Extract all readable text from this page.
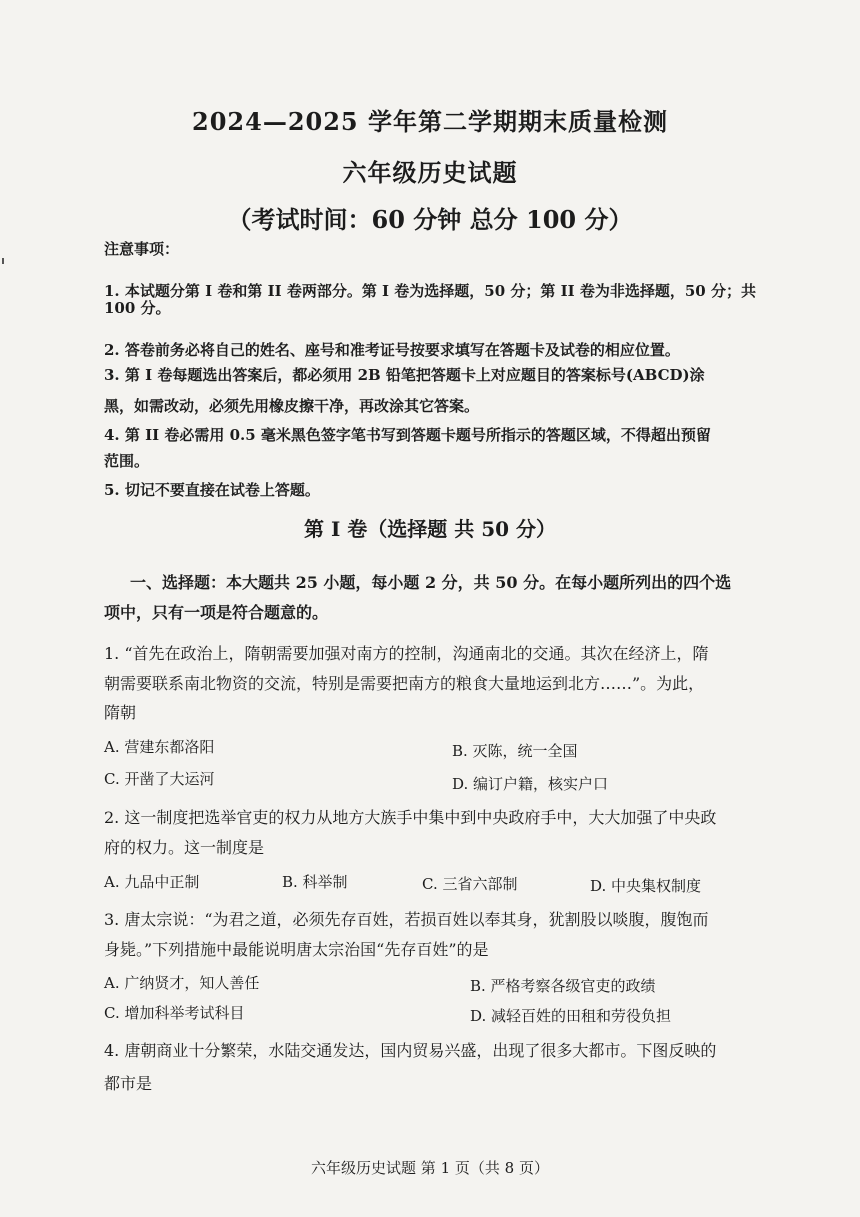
2024—2025 学年第二学期期末质量检测
六年级历史试题
（考试时间：60 分钟 总分 100 分）
注意事项：
1. 本试题分第 I 卷和第 II 卷两部分。第 I 卷为选择题，50 分；第 II 卷为非选择题，50 分；共
100 分。
2. 答卷前务必将自己的姓名、座号和准考证号按要求填写在答题卡及试卷的相应位置。
3. 第 I 卷每题选出答案后，都必须用 2B 铅笔把答题卡上对应题目的答案标号(ABCD)涂
黑，如需改动，必须先用橡皮擦干净，再改涂其它答案。
4. 第 II 卷必需用 0.5 毫米黑色签字笔书写到答题卡题号所指示的答题区域，不得超出预留
范围。
5. 切记不要直接在试卷上答题。
第 I 卷（选择题 共 50 分）
一、选择题：本大题共 25 小题，每小题 2 分，共 50 分。在每小题所列出的四个选
项中，只有一项是符合题意的。
1. “首先在政治上，隋朝需要加强对南方的控制，沟通南北的交通。其次在经济上，隋
朝需要联系南北物资的交流，特别是需要把南方的粮食大量地运到北方……”。为此，
隋朝
A. 营建东都洛阳	B. 灭陈，统一全国
C. 开凿了大运河	D. 编订户籍，核实户口
2. 这一制度把选举官吏的权力从地方大族手中集中到中央政府手中，大大加强了中央政
府的权力。这一制度是
A. 九品中正制	B. 科举制	C. 三省六部制	D. 中央集权制度
3. 唐太宗说：“为君之道，必须先存百姓，若损百姓以奉其身，犹割股以啖腹，腹饱而
身毙。”下列措施中最能说明唐太宗治国“先存百姓”的是
A. 广纳贤才，知人善任	B. 严格考察各级官吏的政绩
C. 增加科举考试科目	D. 减轻百姓的田租和劳役负担
4. 唐朝商业十分繁荣，水陆交通发达，国内贸易兴盛，出现了很多大都市。下图反映的
都市是
六年级历史试题 第 1 页（共 8 页）
